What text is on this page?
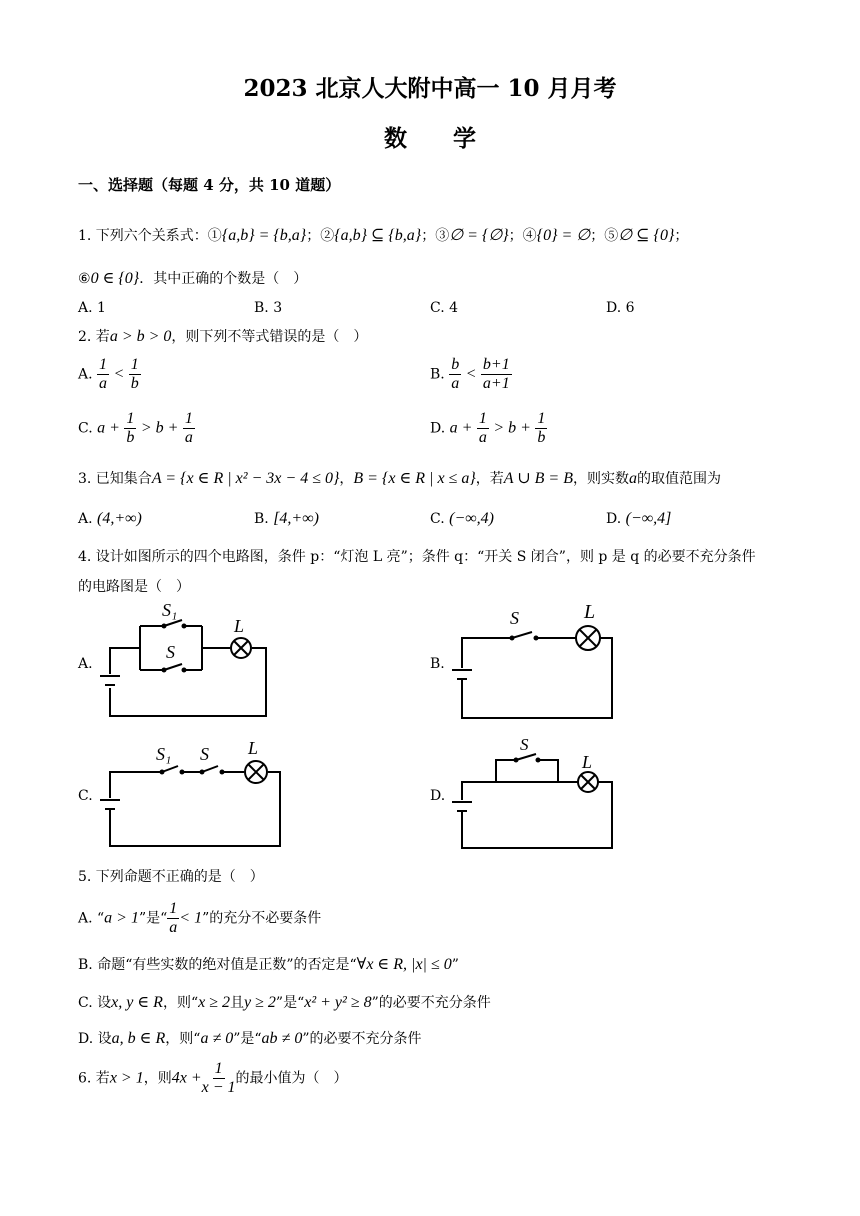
2023 北京人大附中高一 10 月月考
数　　学
一、选择题（每题 4 分，共 10 道题）
1. 下列六个关系式：①{a,b} = {b,a}；②{a,b} ⊆ {b,a}；③∅ = {∅}；④{0} = ∅；⑤∅ ⊆ {0}；
⑥0 ∈ {0}．其中正确的个数是（　）
A. 1	B. 3	C. 4	D. 6
2. 若a > b > 0，则下列不等式错误的是（　）
A. $\frac{1}{a} < \frac{1}{b}$	B. $\frac{b}{a} < \frac{b+1}{a+1}$
C. $a + \frac{1}{b} > b + \frac{1}{a}$	D. $a + \frac{1}{a} > b + \frac{1}{b}$
3. 已知集合A = {x ∈ R | x² − 3x − 4 ≤ 0}，B = {x ∈ R | x ≤ a}，若A ∪ B = B，则实数a的取值范围为
A. (4,+∞)	B. [4,+∞)	C. (−∞,4)	D. (−∞,4]
4. 设计如图所示的四个电路图，条件 p：“灯泡 L 亮”；条件 q：“开关 S 闭合”，则 p 是 q 的必要不充分条件
的电路图是（　）
A.	B.
C.	D.
S₁
S
L	S	L
S₁ S L	S
L
5. 下列命题不正确的是（　）
A. “a > 1”是“ $\frac{1}{a} < 1$”的充分不必要条件
B. 命题“有些实数的绝对值是正数”的否定是“∀x ∈ R, |x| ≤ 0”
C. 设x, y ∈ R，则“x ≥ 2且y ≥ 2”是“x² + y² ≥ 8”的必要不充分条件
D. 设a, b ∈ R，则“a ≠ 0”是“ab ≠ 0”的必要不充分条件
6. 若x > 1，则$4x + \frac{1}{x - 1}$ 的最小值为（　）
